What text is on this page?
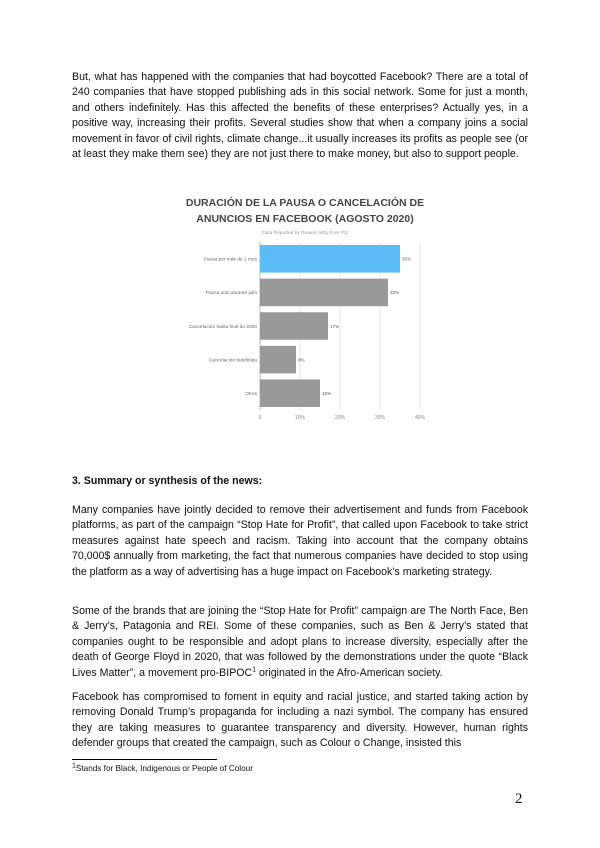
But, what has happened with the companies that had boycotted Facebook? There are a total of 240 companies that have stopped publishing ads in this social network. Some for just a month, and others indefinitely. Has this affected the benefits of these enterprises? Actually yes, in a positive way, increasing their profits. Several studies show that when a company joins a social movement in favor of civil rights, climate change...it usually increases its profits as people see (or at least they make them see) they are not just there to make money, but also to support people.

DURACIÓN DE LA PAUSA O CANCELACIÓN DE
ANUNCIOS EN FACEBOOK (AGOSTO 2020)
Data Reported by Reason Why from PQ
0	10%	20%	30%	40%
Pausa por más de 1 mes	35%
Pausa solo durante julio	32%
Cancelación hasta final de 2020	17%
Cancelación indefinida	9%
Otros	15%

3. Summary or synthesis of the news:

Many companies have jointly decided to remove their advertisement and funds from Facebook platforms, as part of the campaign “Stop Hate for Profit”, that called upon Facebook to take strict measures against hate speech and racism. Taking into account that the company obtains 70,000$ annually from marketing, the fact that numerous companies have decided to stop using the platform as a way of advertising has a huge impact on Facebook’s marketing strategy.

Some of the brands that are joining the “Stop Hate for Profit” campaign are The North Face, Ben & Jerry’s, Patagonia and REI. Some of these companies, such as Ben & Jerry’s stated that companies ought to be responsible and adopt plans to increase diversity, especially after the death of George Floyd in 2020, that was followed by the demonstrations under the quote “Black Lives Matter”, a movement pro-BIPOC$^1$ originated in the Afro-American society.

Facebook has compromised to foment in equity and racial justice, and started taking action by removing Donald Trump’s propaganda for including a nazi symbol. The company has ensured they are taking measures to guarantee transparency and diversity. However, human rights defender groups that created the campaign, such as Colour o Change, insisted this

$^1$Stands for Black, Indigenous or People of Colour
2
